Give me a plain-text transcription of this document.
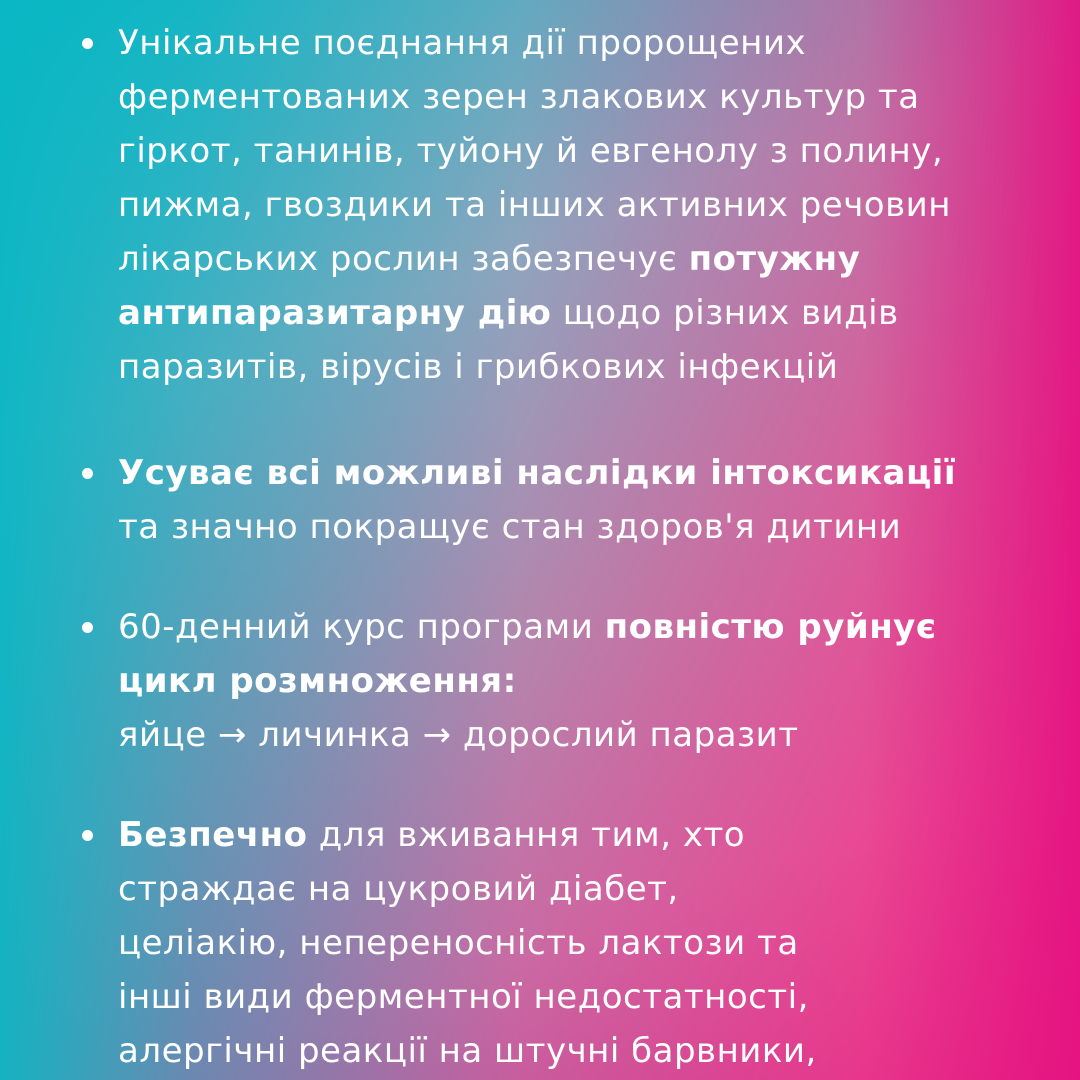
Унікальне поєднання дії пророщених
ферментованих зерен злакових культур та
гіркот, танинів, туйону й евгенолу з полину,
пижма, гвоздики та інших активних речовин
лікарських рослин забезпечує потужну
антипаразитарну дію щодо різних видів
паразитів, вірусів і грибкових інфекцій
Усуває всі можливі наслідки інтоксикації
та значно покращує стан здоров'я дитини
60-денний курс програми повністю руйнує
цикл розмноження:
яйце → личинка → дорослий паразит
Безпечно для вживання тим, хто
страждає на цукровий діабет,
целіакію, непереносність лактози та
інші види ферментної недостатності,
алергічні реакції на штучні барвники,
